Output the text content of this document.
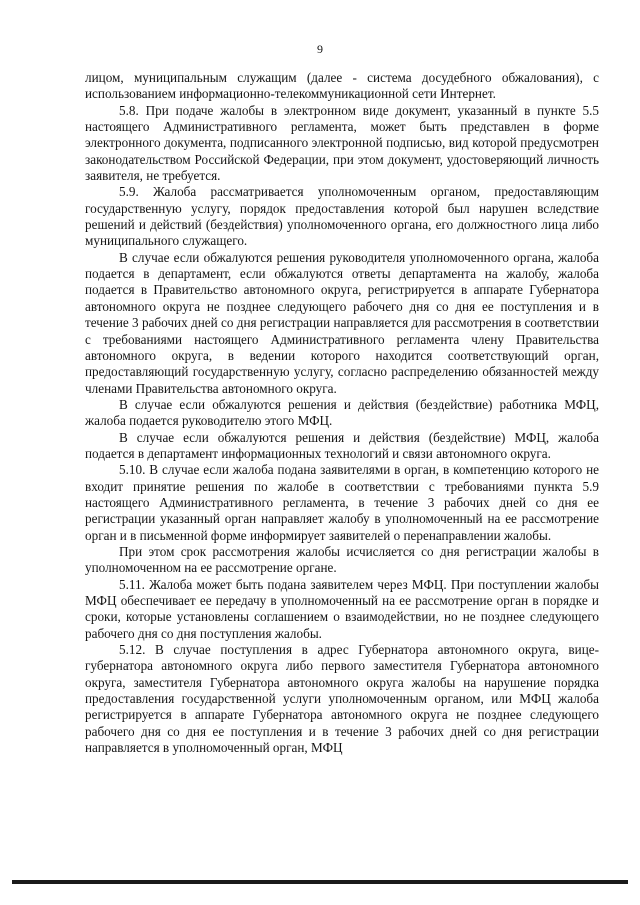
9

лицом, муниципальным служащим (далее - система досудебного обжалования), с использованием информационно-телекоммуникационной сети Интернет.

5.8. При подаче жалобы в электронном виде документ, указанный в пункте 5.5 настоящего Административного регламента, может быть представлен в форме электронного документа, подписанного электронной подписью, вид которой предусмотрен законодательством Российской Федерации, при этом документ, удостоверяющий личность заявителя, не требуется.

5.9. Жалоба рассматривается уполномоченным органом, предоставляющим государственную услугу, порядок предоставления которой был нарушен вследствие решений и действий (бездействия) уполномоченного органа, его должностного лица либо муниципального служащего.

В случае если обжалуются решения руководителя уполномоченного органа, жалоба подается в департамент, если обжалуются ответы департамента на жалобу, жалоба подается в Правительство автономного округа, регистрируется в аппарате Губернатора автономного округа не позднее следующего рабочего дня со дня ее поступления и в течение 3 рабочих дней со дня регистрации направляется для рассмотрения в соответствии с требованиями настоящего Административного регламента члену Правительства автономного округа, в ведении которого находится соответствующий орган, предоставляющий государственную услугу, согласно распределению обязанностей между членами Правительства автономного округа.

В случае если обжалуются решения и действия (бездействие) работника МФЦ, жалоба подается руководителю этого МФЦ.

В случае если обжалуются решения и действия (бездействие) МФЦ, жалоба подается в департамент информационных технологий и связи автономного округа.

5.10. В случае если жалоба подана заявителями в орган, в компетенцию которого не входит принятие решения по жалобе в соответствии с требованиями пункта 5.9 настоящего Административного регламента, в течение 3 рабочих дней со дня ее регистрации указанный орган направляет жалобу в уполномоченный на ее рассмотрение орган и в письменной форме информирует заявителей о перенаправлении жалобы.

При этом срок рассмотрения жалобы исчисляется со дня регистрации жалобы в уполномоченном на ее рассмотрение органе.

5.11. Жалоба может быть подана заявителем через МФЦ. При поступлении жалобы МФЦ обеспечивает ее передачу в уполномоченный на ее рассмотрение орган в порядке и сроки, которые установлены соглашением о взаимодействии, но не позднее следующего рабочего дня со дня поступления жалобы.

5.12. В случае поступления в адрес Губернатора автономного округа, вице-губернатора автономного округа либо первого заместителя Губернатора автономного округа, заместителя Губернатора автономного округа жалобы на нарушение порядка предоставления государственной услуги уполномоченным органом, или МФЦ жалоба регистрируется в аппарате Губернатора автономного округа не позднее следующего рабочего дня со дня ее поступления и в течение 3 рабочих дней со дня регистрации направляется в уполномоченный орган, МФЦ
